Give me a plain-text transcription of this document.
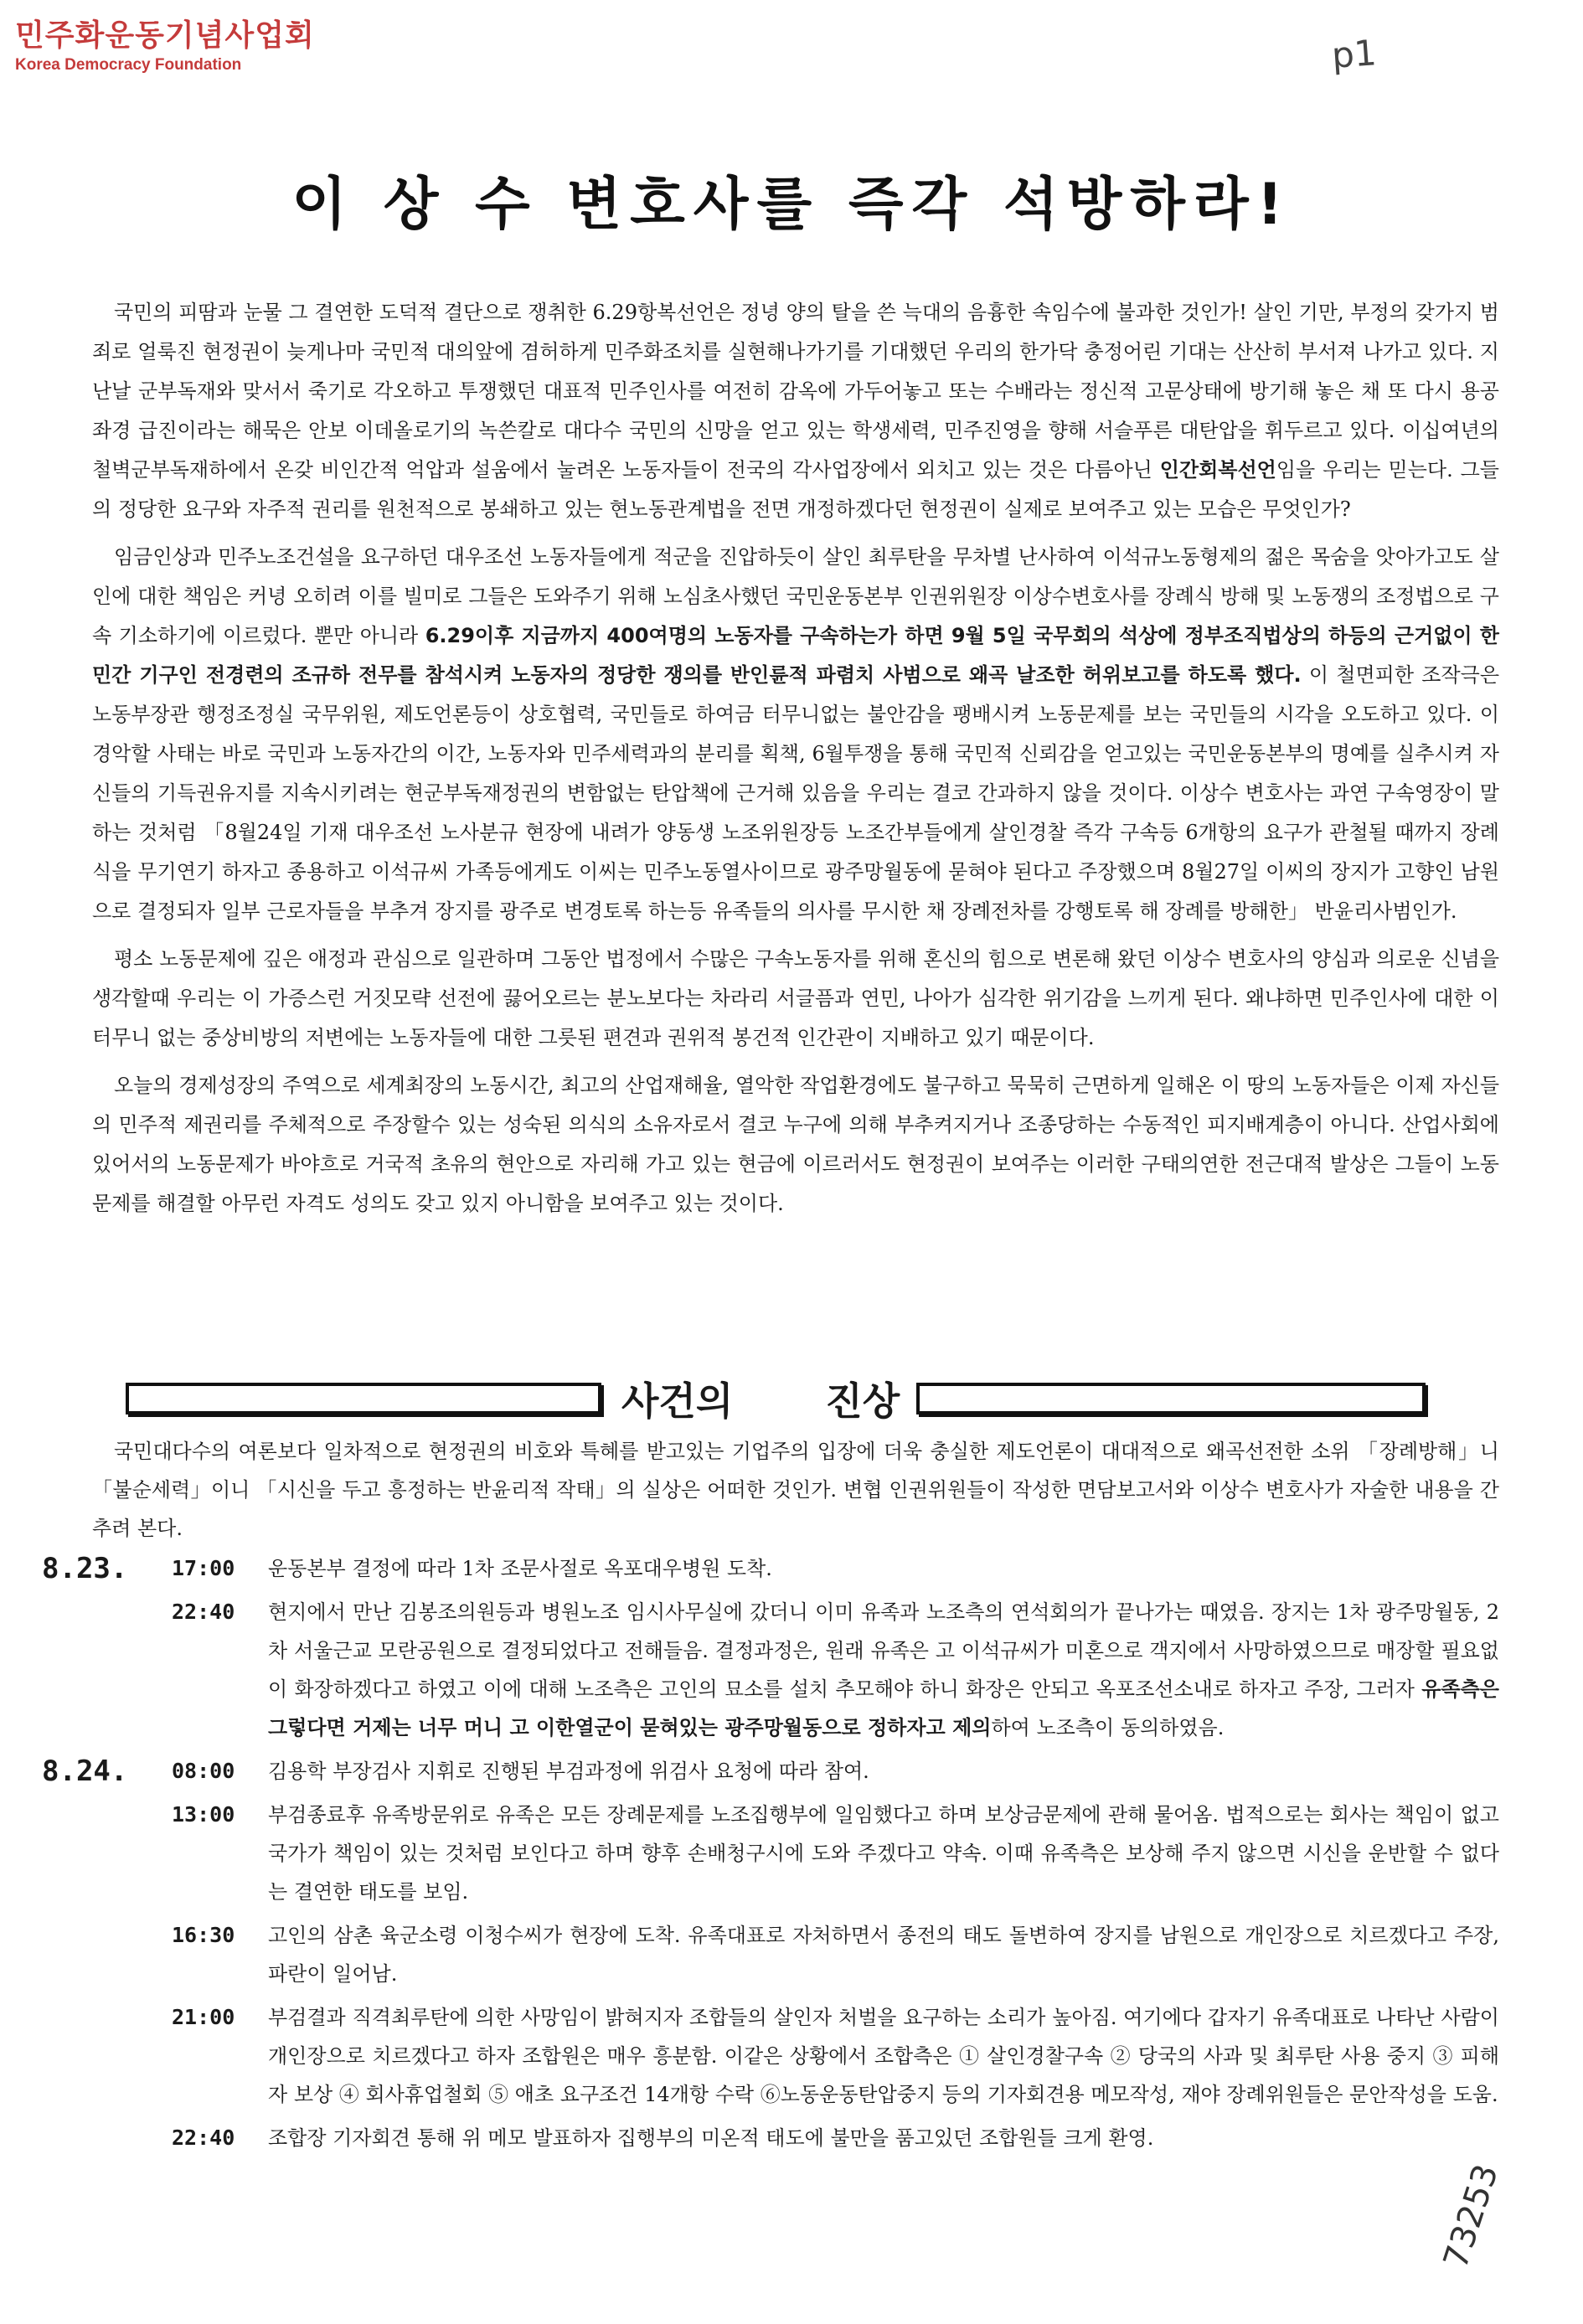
민주화운동기념사업회
Korea Democracy Foundation	p1
이 상 수 변호사를 즉각 석방하라!

국민의 피땀과 눈물 그 결연한 도덕적 결단으로 쟁취한 6.29항복선언은 정녕 양의 탈을 쓴 늑대의 음흉한 속임수에 불과한 것인가! 살인 기만, 부정의 갖가지 범죄로 얼룩진 현정권이 늦게나마 국민적 대의앞에 겸허하게 민주화조치를 실현해나가기를 기대했던 우리의 한가닥 충정어린 기대는 산산히 부서져 나가고 있다. 지난날 군부독재와 맞서서 죽기로 각오하고 투쟁했던 대표적 민주인사를 여전히 감옥에 가두어놓고 또는 수배라는 정신적 고문상태에 방기해 놓은 채 또 다시 용공좌경 급진이라는 해묵은 안보 이데올로기의 녹쓴칼로 대다수 국민의 신망을 얻고 있는 학생세력, 민주진영을 향해 서슬푸른 대탄압을 휘두르고 있다. 이십여년의 철벽군부독재하에서 온갖 비인간적 억압과 설움에서 눌려온 노동자들이 전국의 각사업장에서 외치고 있는 것은 다름아닌 인간회복선언임을 우리는 믿는다. 그들의 정당한 요구와 자주적 권리를 원천적으로 봉쇄하고 있는 현노동관계법을 전면 개정하겠다던 현정권이 실제로 보여주고 있는 모습은 무엇인가?

임금인상과 민주노조건설을 요구하던 대우조선 노동자들에게 적군을 진압하듯이 살인 최루탄을 무차별 난사하여 이석규노동형제의 젊은 목숨을 앗아가고도 살인에 대한 책임은 커녕 오히려 이를 빌미로 그들은 도와주기 위해 노심초사했던 국민운동본부 인권위원장 이상수변호사를 장례식 방해 및 노동쟁의 조정법으로 구속 기소하기에 이르렀다. 뿐만 아니라 6.29이후 지금까지 400여명의 노동자를 구속하는가 하면 9월 5일 국무회의 석상에 정부조직법상의 하등의 근거없이 한민간 기구인 전경련의 조규하 전무를 참석시켜 노동자의 정당한 쟁의를 반인륜적 파렴치 사범으로 왜곡 날조한 허위보고를 하도록 했다. 이 철면피한 조작극은 노동부장관 행정조정실 국무위원, 제도언론등이 상호협력, 국민들로 하여금 터무니없는 불안감을 팽배시켜 노동문제를 보는 국민들의 시각을 오도하고 있다. 이 경악할 사태는 바로 국민과 노동자간의 이간, 노동자와 민주세력과의 분리를 획책, 6월투쟁을 통해 국민적 신뢰감을 얻고있는 국민운동본부의 명예를 실추시켜 자신들의 기득권유지를 지속시키려는 현군부독재정권의 변함없는 탄압책에 근거해 있음을 우리는 결코 간과하지 않을 것이다. 이상수 변호사는 과연 구속영장이 말하는 것처럼 「8월24일 기재 대우조선 노사분규 현장에 내려가 양동생 노조위원장등 노조간부들에게 살인경찰 즉각 구속등 6개항의 요구가 관철될 때까지 장례식을 무기연기 하자고 종용하고 이석규씨 가족등에게도 이씨는 민주노동열사이므로 광주망월동에 묻혀야 된다고 주장했으며 8월27일 이씨의 장지가 고향인 남원으로 결정되자 일부 근로자들을 부추겨 장지를 광주로 변경토록 하는등 유족들의 의사를 무시한 채 장례전차를 강행토록 해 장례를 방해한」 반윤리사범인가.

평소 노동문제에 깊은 애정과 관심으로 일관하며 그동안 법정에서 수많은 구속노동자를 위해 혼신의 힘으로 변론해 왔던 이상수 변호사의 양심과 의로운 신념을 생각할때 우리는 이 가증스런 거짓모략 선전에 끓어오르는 분노보다는 차라리 서글픔과 연민, 나아가 심각한 위기감을 느끼게 된다. 왜냐하면 민주인사에 대한 이 터무니 없는 중상비방의 저변에는 노동자들에 대한 그릇된 편견과 권위적 봉건적 인간관이 지배하고 있기 때문이다.

오늘의 경제성장의 주역으로 세계최장의 노동시간, 최고의 산업재해율, 열악한 작업환경에도 불구하고 묵묵히 근면하게 일해온 이 땅의 노동자들은 이제 자신들의 민주적 제권리를 주체적으로 주장할수 있는 성숙된 의식의 소유자로서 결코 누구에 의해 부추켜지거나 조종당하는 수동적인 피지배계층이 아니다. 산업사회에 있어서의 노동문제가 바야흐로 거국적 초유의 현안으로 자리해 가고 있는 현금에 이르러서도 현정권이 보여주는 이러한 구태의연한 전근대적 발상은 그들이 노동문제를 해결할 아무런 자격도 성의도 갖고 있지 아니함을 보여주고 있는 것이다.

사건의 진상

국민대다수의 여론보다 일차적으로 현정권의 비호와 특혜를 받고있는 기업주의 입장에 더욱 충실한 제도언론이 대대적으로 왜곡선전한 소위 「장례방해」니 「불순세력」이니 「시신을 두고 흥정하는 반윤리적 작태」의 실상은 어떠한 것인가. 변협 인권위원들이 작성한 면담보고서와 이상수 변호사가 자술한 내용을 간추려 본다.

8.23.	17:00	운동본부 결정에 따라 1차 조문사절로 옥포대우병원 도착.
22:40	현지에서 만난 김봉조의원등과 병원노조 임시사무실에 갔더니 이미 유족과 노조측의 연석회의가 끝나가는 때였음. 장지는 1차 광주망월동, 2차 서울근교 모란공원으로 결정되었다고 전해들음. 결정과정은, 원래 유족은 고 이석규씨가 미혼으로 객지에서 사망하였으므로 매장할 필요없이 화장하겠다고 하였고 이에 대해 노조측은 고인의 묘소를 설치 추모해야 하니 화장은 안되고 옥포조선소내로 하자고 주장, 그러자 유족측은 그렇다면 거제는 너무 머니 고 이한열군이 묻혀있는 광주망월동으로 정하자고 제의하여 노조측이 동의하였음.
8.24.	08:00	김용학 부장검사 지휘로 진행된 부검과정에 위검사 요청에 따라 참여.
13:00	부검종료후 유족방문위로 유족은 모든 장례문제를 노조집행부에 일임했다고 하며 보상금문제에 관해 물어옴. 법적으로는 회사는 책임이 없고 국가가 책임이 있는 것처럼 보인다고 하며 향후 손배청구시에 도와 주겠다고 약속. 이때 유족측은 보상해 주지 않으면 시신을 운반할 수 없다는 결연한 태도를 보임.
16:30	고인의 삼촌 육군소령 이청수씨가 현장에 도착. 유족대표로 자처하면서 종전의 태도 돌변하여 장지를 남원으로 개인장으로 치르겠다고 주장, 파란이 일어남.
21:00	부검결과 직격최루탄에 의한 사망임이 밝혀지자 조합들의 살인자 처벌을 요구하는 소리가 높아짐. 여기에다 갑자기 유족대표로 나타난 사람이 개인장으로 치르겠다고 하자 조합원은 매우 흥분함. 이같은 상황에서 조합측은 ① 살인경찰구속 ② 당국의 사과 및 최루탄 사용 중지 ③ 피해자 보상 ④ 회사휴업철회 ⑤ 애초 요구조건 14개항 수락 ⑥노동운동탄압중지 등의 기자회견용 메모작성, 재야 장례위원들은 문안작성을 도움.
22:40	조합장 기자회견 통해 위 메모 발표하자 집행부의 미온적 태도에 불만을 품고있던 조합원들 크게 환영.
73253
